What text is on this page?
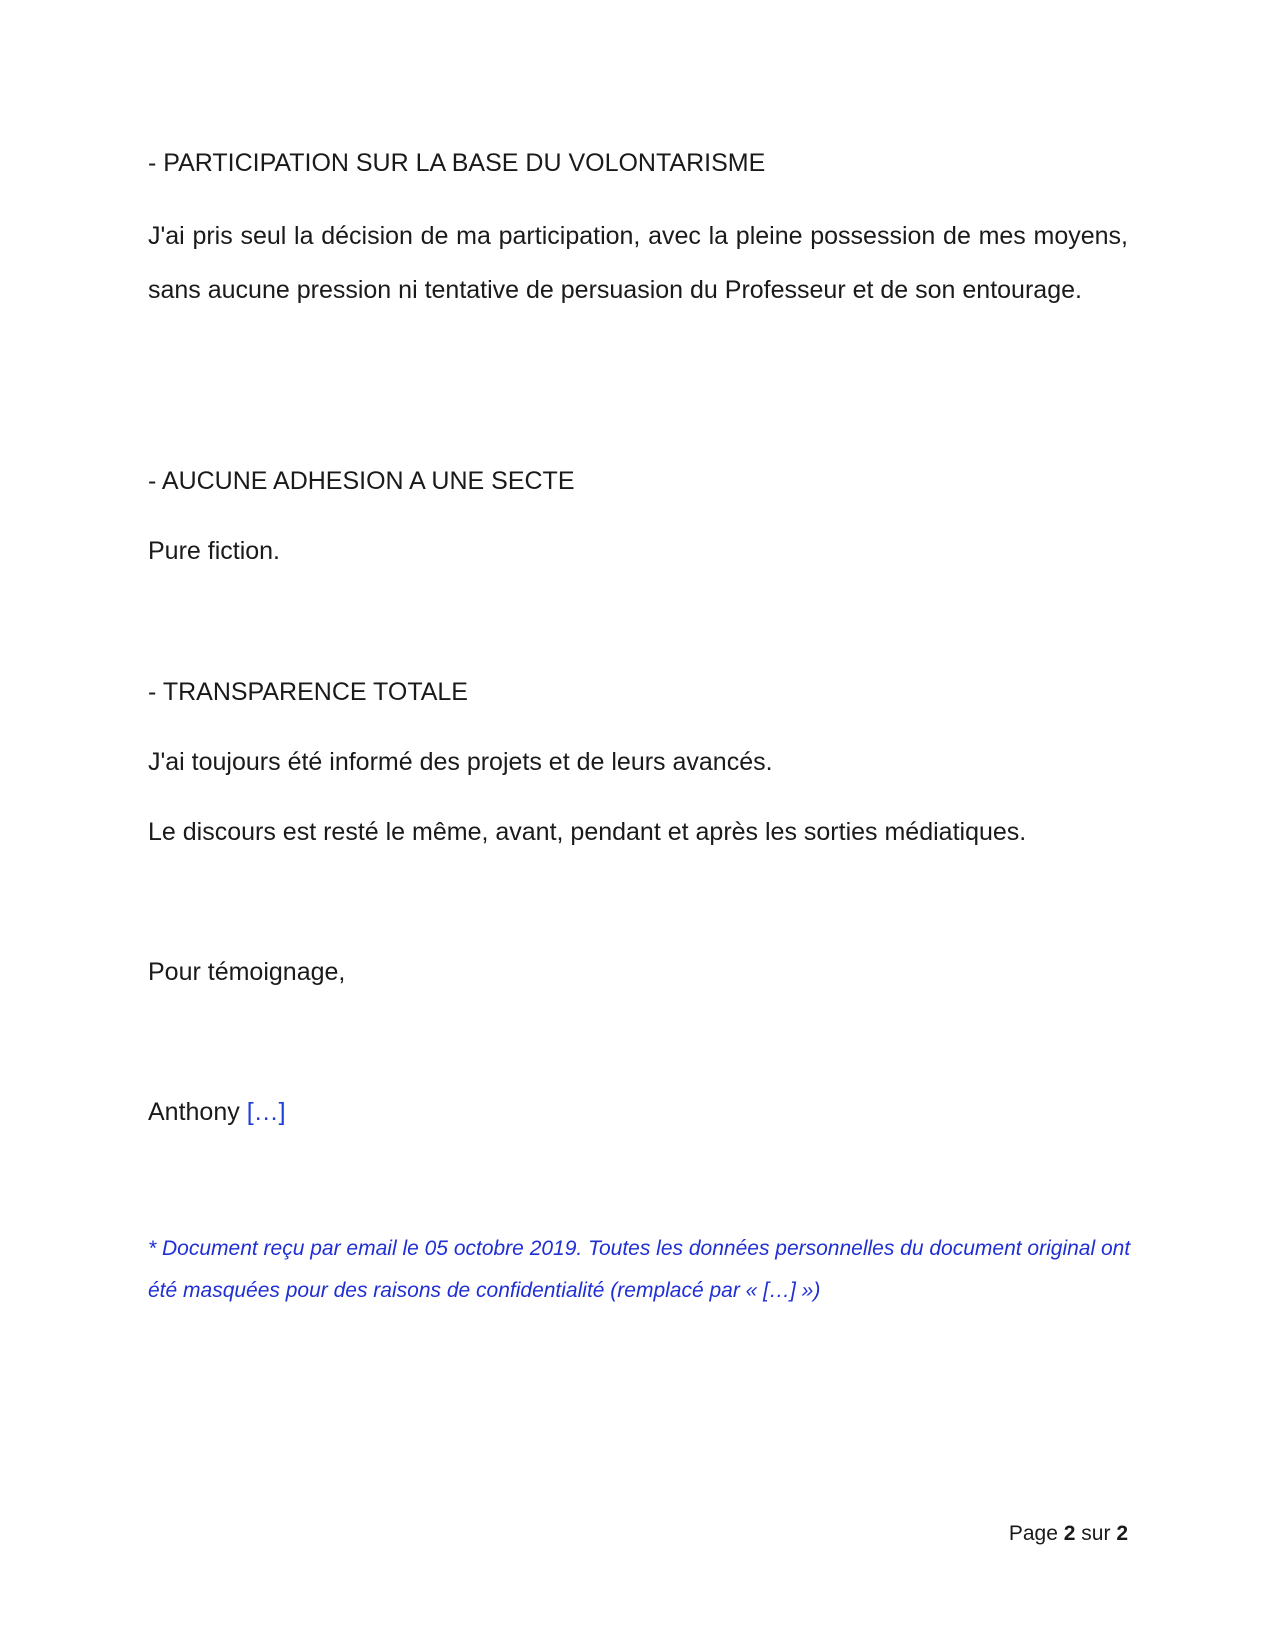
- PARTICIPATION SUR LA BASE DU VOLONTARISME

J'ai pris seul la décision de ma participation, avec la pleine possession de mes moyens, sans aucune pression ni tentative de persuasion du Professeur et de son entourage.

- AUCUNE ADHESION A UNE SECTE

Pure fiction.

- TRANSPARENCE TOTALE

J'ai toujours été informé des projets et de leurs avancés.

Le discours est resté le même, avant, pendant et après les sorties médiatiques.

Pour témoignage,

Anthony […]

* Document reçu par email le 05 octobre 2019. Toutes les données personnelles du document original ont été masquées pour des raisons de confidentialité (remplacé par « […] »)

Page 2 sur 2
